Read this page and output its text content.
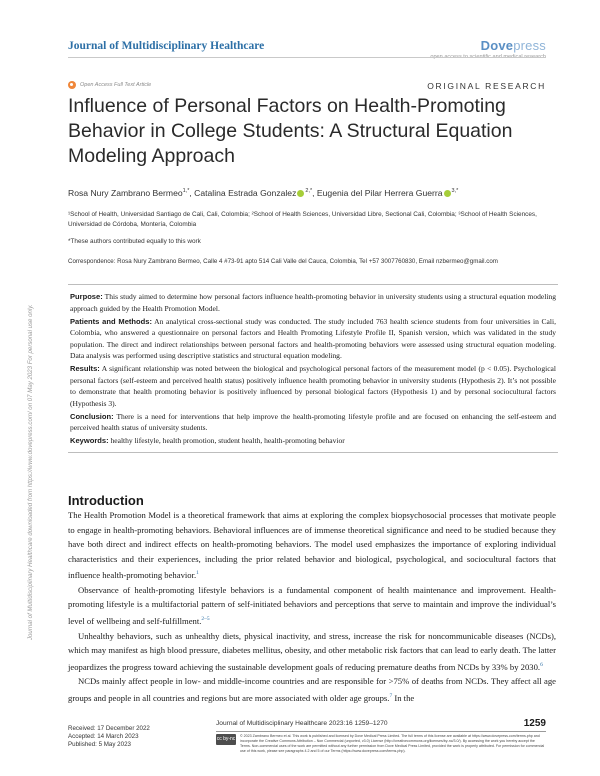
Journal of Multidisciplinary Healthcare	Dovepress
open access to scientific and medical research
Open Access Full Text Article	ORIGINAL RESEARCH
Influence of Personal Factors on Health-Promoting Behavior in College Students: A Structural Equation Modeling Approach
Rosa Nury Zambrano Bermeo$^{1,*}$, Catalina Estrada Gonzalez $^{2,*}$, Eugenia del Pilar Herrera Guerra $^{3,*}$
¹School of Health, Universidad Santiago de Cali, Cali, Colombia; ²School of Health Sciences, Universidad Libre, Sectional Cali, Colombia; ³School of Health Sciences, Universidad de Córdoba, Montería, Colombia
*These authors contributed equally to this work
Correspondence: Rosa Nury Zambrano Bermeo, Calle 4 #73-91 apto 514 Cali Valle del Cauca, Colombia, Tel +57 3007760830, Email nzbermeo@gmail.com

Purpose: This study aimed to determine how personal factors influence health-promoting behavior in university students using a structural equation modeling approach guided by the Health Promotion Model.

Patients and Methods: An analytical cross-sectional study was conducted. The study included 763 health science students from four universities in Cali, Colombia, who answered a questionnaire on personal factors and Health Promoting Lifestyle Profile II, Spanish version, which was validated in the study population. The direct and indirect relationships between personal factors and health-promoting behaviors were assessed using structural equation modeling. Data analysis was performed using descriptive statistics and structural equation modeling.

Results: A significant relationship was noted between the biological and psychological personal factors of the measurement model (p < 0.05). Psychological personal factors (self-esteem and perceived health status) positively influence health promoting behavior in university students (Hypothesis 2). It’s not possible to demonstrate that health promoting behavior is positively influenced by personal biological factors (Hypothesis 1) and by personal sociocultural factors (Hypothesis 3).

Conclusion: There is a need for interventions that help improve the health-promoting lifestyle profile and are focused on enhancing the self-esteem and perceived health status of university students.

Keywords: healthy lifestyle, health promotion, student health, health-promoting behavior

Journal of Multidisciplinary Healthcare downloaded from https://www.dovepress.com/ on 07 May 2023 For personal use only.	Introduction

The Health Promotion Model is a theoretical framework that aims at exploring the complex biopsychosocial processes that motivate people to engage in health-promoting behaviors. Behavioral influences are of immense theoretical significance and need to be studied because they have both direct and indirect effects on health-promoting behaviors. The model used emphasizes the importance of exploring individual characteristics and their experiences, including the prior related behavior and biological, psychological, and sociocultural factors that influence health-promoting behavior.$^1$

Observance of health-promoting lifestyle behaviors is a fundamental component of health maintenance and improvement. Health-promoting lifestyle is a multifactorial pattern of self-initiated behaviors and perceptions that serve to maintain and improve the individual’s level of wellbeing and self-fulfillment.$^{2-5}$

Unhealthy behaviors, such as unhealthy diets, physical inactivity, and stress, increase the risk for noncommunicable diseases (NCDs), which may manifest as high blood pressure, diabetes mellitus, obesity, and other metabolic risk factors that can lead to early death. The latter jeopardizes the progress toward achieving the sustainable development goals of reducing premature deaths from NCDs by 33% by 2030.$^6$

NCDs mainly affect people in low- and middle-income countries and are responsible for >75% of deaths from NCDs. They affect all age groups and people in all countries and regions but are more associated with older age groups.$^7$ In the

Received: 17 December 2022
Accepted: 14 March 2023
Published: 5 May 2023
Journal of Multidisciplinary Healthcare 2023:16 1259–1270	1259
cc by-nc © 2023 Zambrano Bermeo et al. This work is published and licensed by Dove Medical Press Limited. The full terms of this license are available at https://www.dovepress.com/terms.php and incorporate the Creative Commons Attribution – Non Commercial (unported, v3.0) License (http://creativecommons.org/licenses/by-nc/3.0/). By accessing the work you hereby accept the Terms. Non-commercial uses of the work are permitted without any further permission from Dove Medical Press Limited, provided the work is properly attributed. For permission for commercial use of this work, please see paragraphs 4.2 and 5 of our Terms (https://www.dovepress.com/terms.php).
